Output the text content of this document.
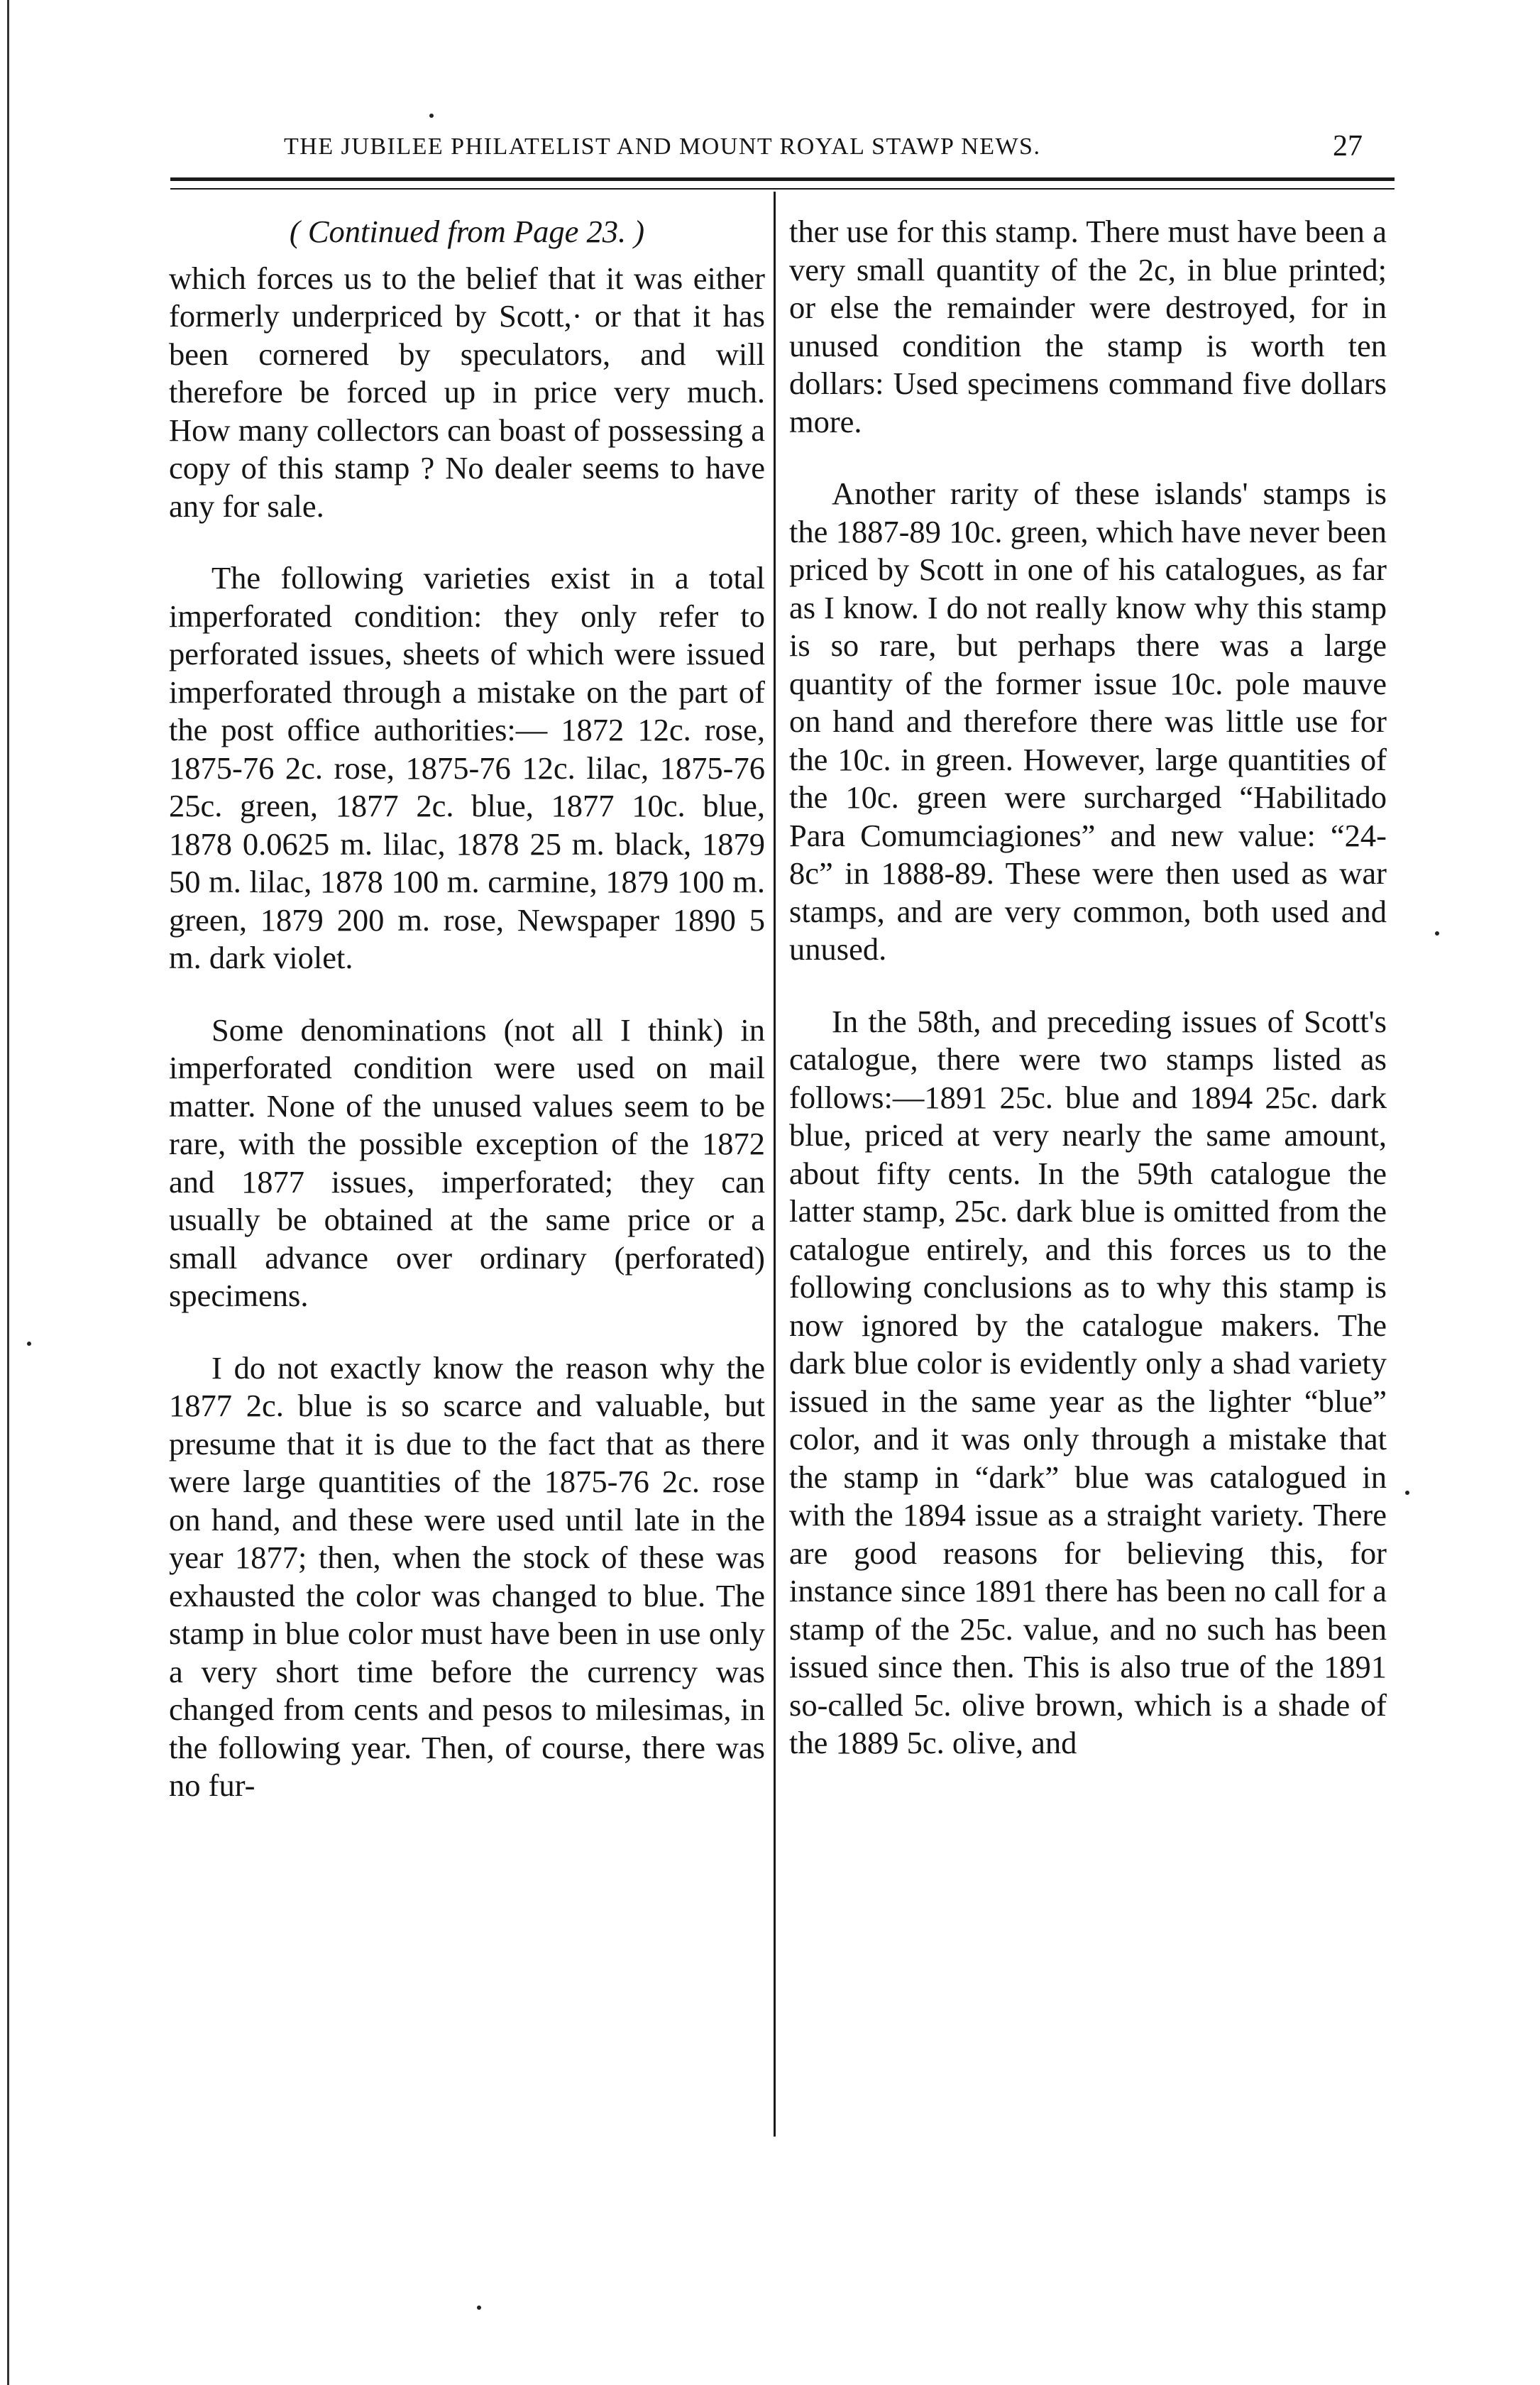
THE JUBILEE PHILATELIST AND MOUNT ROYAL STAWP NEWS.	27

( Continued from Page 23. )

which forces us to the belief that it was either formerly underpriced by Scott,· or that it has been cornered by speculators, and will therefore be forced up in price very much. How many collectors can boast of possessing a copy of this stamp ? No dealer seems to have any for sale.

The following varieties exist in a total imperforated condition: they only refer to perforated issues, sheets of which were issued imperforated through a mistake on the part of the post office authorities:— 1872 12c. rose, 1875-76 2c. rose, 1875-76 12c. lilac, 1875-76 25c. green, 1877 2c. blue, 1877 10c. blue, 1878 0.0625 m. lilac, 1878 25 m. black, 1879 50 m. lilac, 1878 100 m. carmine, 1879 100 m. green, 1879 200 m. rose, Newspaper 1890 5 m. dark violet.

Some denominations (not all I think) in imperforated condition were used on mail matter. None of the unused values seem to be rare, with the possible exception of the 1872 and 1877 issues, imperforated; they can usually be obtained at the same price or a small advance over ordinary (perforated) specimens.

I do not exactly know the reason why the 1877 2c. blue is so scarce and valuable, but presume that it is due to the fact that as there were large quantities of the 1875-76 2c. rose on hand, and these were used until late in the year 1877; then, when the stock of these was exhausted the color was changed to blue. The stamp in blue color must have been in use only a very short time before the currency was changed from cents and pesos to milesimas, in the following year. Then, of course, there was no fur-

ther use for this stamp. There must have been a very small quantity of the 2c, in blue printed; or else the remainder were destroyed, for in unused condition the stamp is worth ten dollars: Used specimens command five dollars more.

Another rarity of these islands' stamps is the 1887-89 10c. green, which have never been priced by Scott in one of his catalogues, as far as I know. I do not really know why this stamp is so rare, but perhaps there was a large quantity of the former issue 10c. pole mauve on hand and therefore there was little use for the 10c. in green. However, large quantities of the 10c. green were surcharged “Habilitado Para Comumciagiones” and new value: “24-8c” in 1888-89. These were then used as war stamps, and are very common, both used and unused.

In the 58th, and preceding issues of Scott's catalogue, there were two stamps listed as follows:—1891 25c. blue and 1894 25c. dark blue, priced at very nearly the same amount, about fifty cents. In the 59th catalogue the latter stamp, 25c. dark blue is omitted from the catalogue entirely, and this forces us to the following conclusions as to why this stamp is now ignored by the catalogue makers. The dark blue color is evidently only a shad variety issued in the same year as the lighter “blue” color, and it was only through a mistake that the stamp in “dark” blue was catalogued in with the 1894 issue as a straight variety. There are good reasons for believing this, for instance since 1891 there has been no call for a stamp of the 25c. value, and no such has been issued since then. This is also true of the 1891 so-called 5c. olive brown, which is a shade of the 1889 5c. olive, and
